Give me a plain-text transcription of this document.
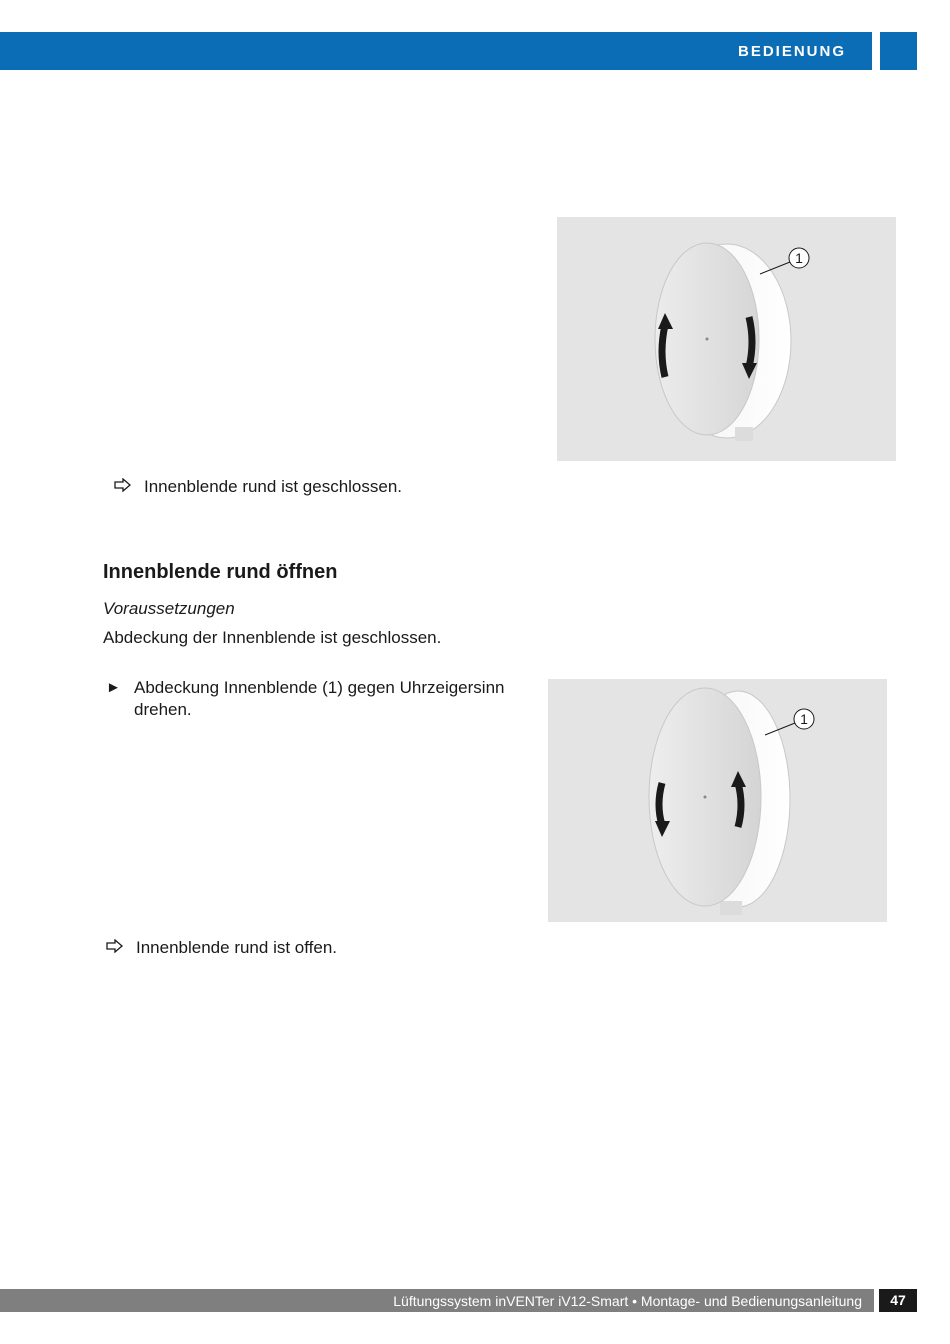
BEDIENUNG
1
Innenblende rund ist geschlossen.
Innenblende rund öffnen
Voraussetzungen
Abdeckung der Innenblende ist geschlossen.
► Abdeckung Innenblende (1) gegen Uhrzeigersinn drehen.	1
Innenblende rund ist offen.
Lüftungssystem inVENTer iV12-Smart • Montage- und Bedienungsanleitung	47
